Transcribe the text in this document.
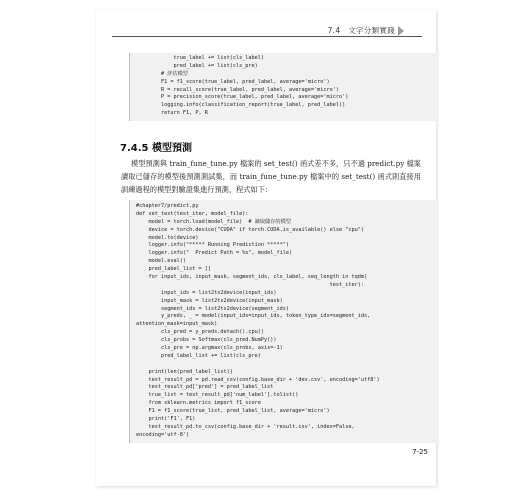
7.4　文字分類實踐
true_label += list(cls_label)
pred_label += list(cls_pre)
# 評估模型
F1 = f1_score(true_label, pred_label, average='micro')
R = recall_score(true_label, pred_label, average='micro')
P = precision_score(true_label, pred_label, average='micro')
logging.info(classification_report(true_label, pred_label))
return F1, P, R
7.4.5 模型預測
模型預測與 train_fune_tune.py 檔案的 set_test() 函式差不多，只不過 predict.py 檔案讀取已儲存的模型後預測測試集，而 train_fune_tune.py 檔案中的 set_test() 函式則直接用訓練過程的模型對驗證集進行預測，程式如下：
#chapter7/predict.py
def set_test(test_iter, model_file):
model = torch.load(model_file)  # 讀取儲存的模型
device = torch.device("CUDA" if torch.CUDA.is_available() else "cpu")
model.to(device)
logger.info("***** Running Prediction *****")
logger.info("  Predict Path = %s", model_file)
model.eval()
pred_label_list = []
for input_ids, input_mask, segment_ids, cls_label, seq_length in tqdm(
test_iter):
input_ids = list2ts2device(input_ids)
input_mask = list2ts2device(input_mask)
segment_ids = list2ts2device(segment_ids)
y_preds, _ = model(input_ids=input_ids, token_type_ids=segment_ids,
attention_mask=input_mask)
cls_pred = y_preds.detach().cpu()
cls_probs = Softmax(cls_pred.NumPy())
cls_pre = np.argmax(cls_probs, axis=-1)
pred_label_list += list(cls_pre)
print(len(pred_label_list))
test_result_pd = pd.read_csv(config.base_dir + 'dev.csv', encoding='utf8')
test_result_pd['pred'] = pred_label_list
true_list = test_result_pd['num_label'].tolist()
from sklearn.metrics import f1_score
F1 = f1_score(true_list, pred_label_list, average='micro')
print('F1', F1)
test_result_pd.to_csv(config.base_dir + 'result.csv', index=False,
encoding='utf-8')
7-25
